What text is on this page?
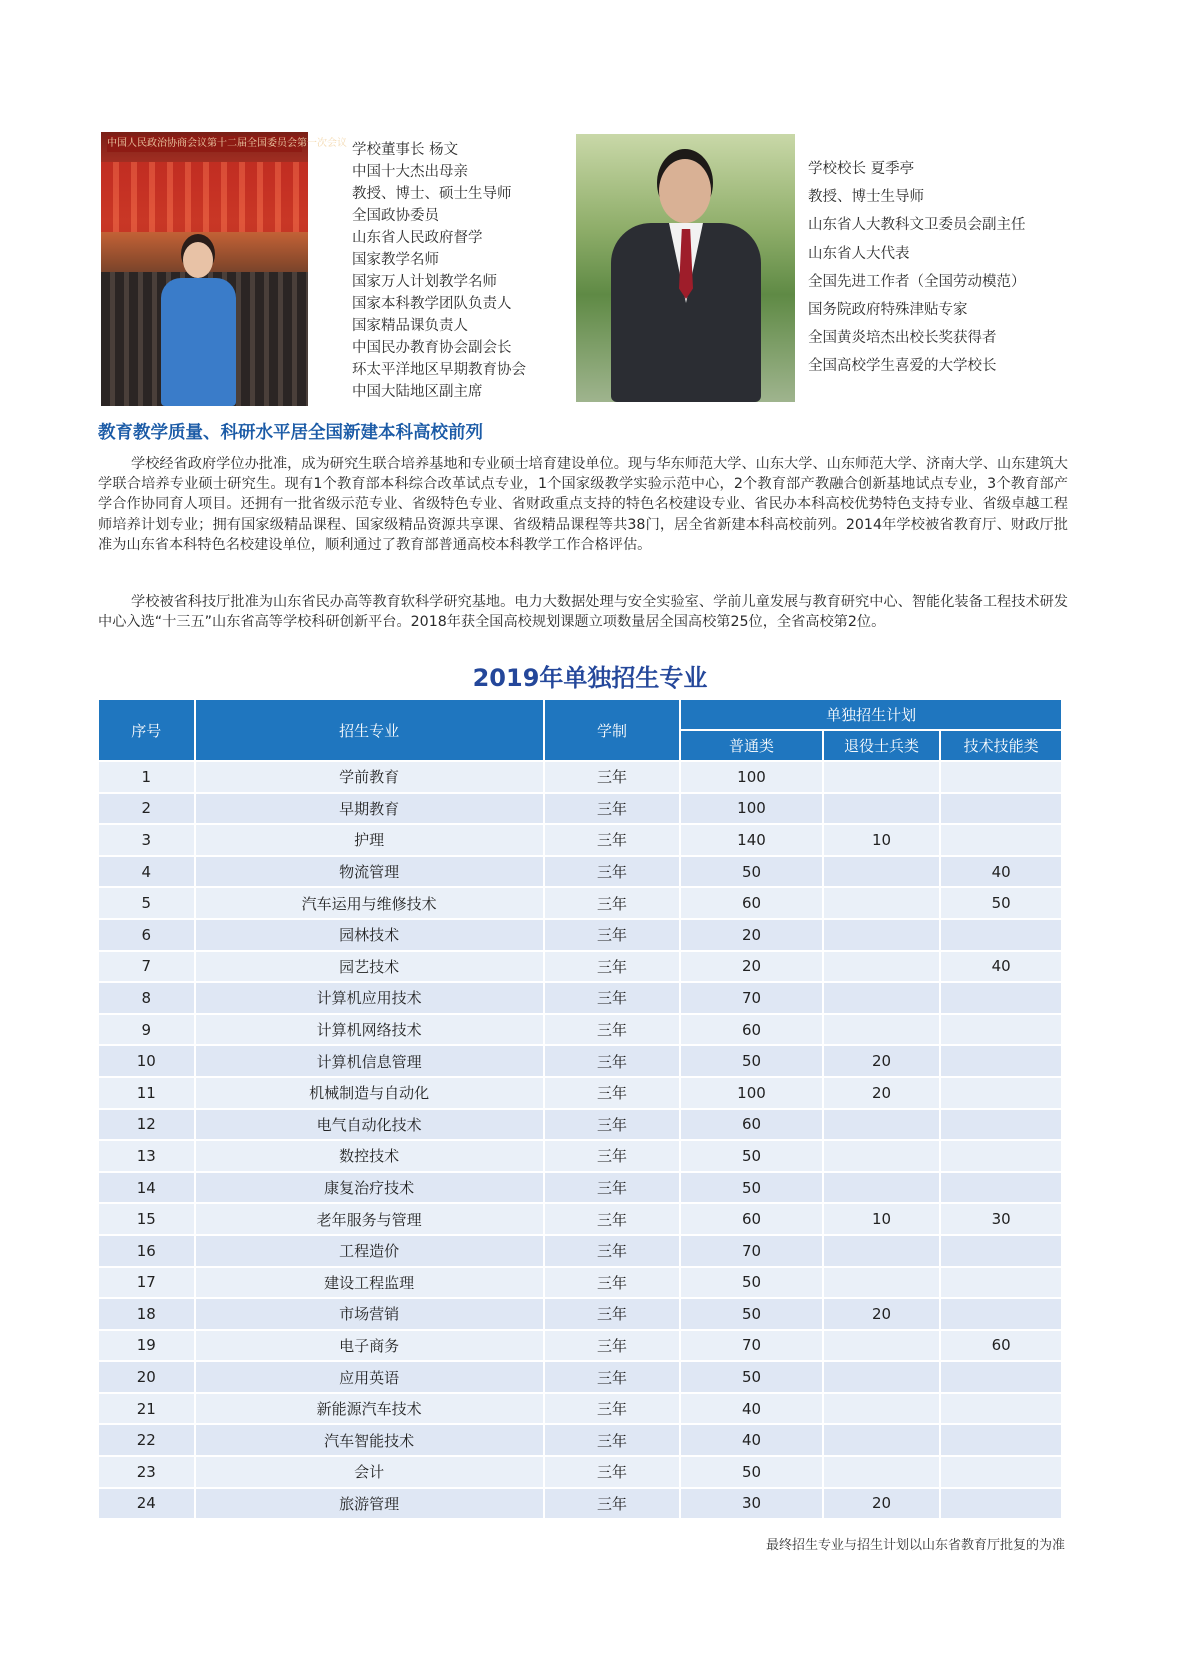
中国人民政治协商会议第十二届全国委员会第一次会议 学校董事长 杨文
中国十大杰出母亲
教授、博士、硕士生导师
全国政协委员
山东省人民政府督学
国家教学名师
国家万人计划教学名师
国家本科教学团队负责人
国家精品课负责人
中国民办教育协会副会长
环太平洋地区早期教育协会
中国大陆地区副主席
学校校长 夏季亭
教授、博士生导师
山东省人大教科文卫委员会副主任
山东省人大代表
全国先进工作者（全国劳动模范）
国务院政府特殊津贴专家
全国黄炎培杰出校长奖获得者
全国高校学生喜爱的大学校长
教育教学质量、科研水平居全国新建本科高校前列

学校经省政府学位办批准，成为研究生联合培养基地和专业硕士培育建设单位。现与华东师范大学、山东大学、山东师范大学、济南大学、山东建筑大学联合培养专业硕士研究生。现有1个教育部本科综合改革试点专业，1个国家级教学实验示范中心，2个教育部产教融合创新基地试点专业，3个教育部产学合作协同育人项目。还拥有一批省级示范专业、省级特色专业、省财政重点支持的特色名校建设专业、省民办本科高校优势特色支持专业、省级卓越工程师培养计划专业；拥有国家级精品课程、国家级精品资源共享课、省级精品课程等共38门，居全省新建本科高校前列。2014年学校被省教育厅、财政厅批准为山东省本科特色名校建设单位，顺利通过了教育部普通高校本科教学工作合格评估。

学校被省科技厅批准为山东省民办高等教育软科学研究基地。电力大数据处理与安全实验室、学前儿童发展与教育研究中心、智能化装备工程技术研发中心入选“十三五”山东省高等学校科研创新平台。2018年获全国高校规划课题立项数量居全国高校第25位，全省高校第2位。

2019年单独招生专业
序号	招生专业	学制	单独招生计划		
			普通类	退役士兵类	技术技能类
1	学前教育	三年	100		
2	早期教育	三年	100		
3	护理	三年	140	10	
4	物流管理	三年	50		40
5	汽车运用与维修技术	三年	60		50
6	园林技术	三年	20		
7	园艺技术	三年	20		40
8	计算机应用技术	三年	70		
9	计算机网络技术	三年	60		
10	计算机信息管理	三年	50	20	
11	机械制造与自动化	三年	100	20	
12	电气自动化技术	三年	60		
13	数控技术	三年	50		
14	康复治疗技术	三年	50		
15	老年服务与管理	三年	60	10	30
16	工程造价	三年	70		
17	建设工程监理	三年	50		
18	市场营销	三年	50	20	
19	电子商务	三年	70		60
20	应用英语	三年	50		
21	新能源汽车技术	三年	40		
22	汽车智能技术	三年	40		
23	会计	三年	50		
24	旅游管理	三年	30	20	

最终招生专业与招生计划以山东省教育厅批复的为准
